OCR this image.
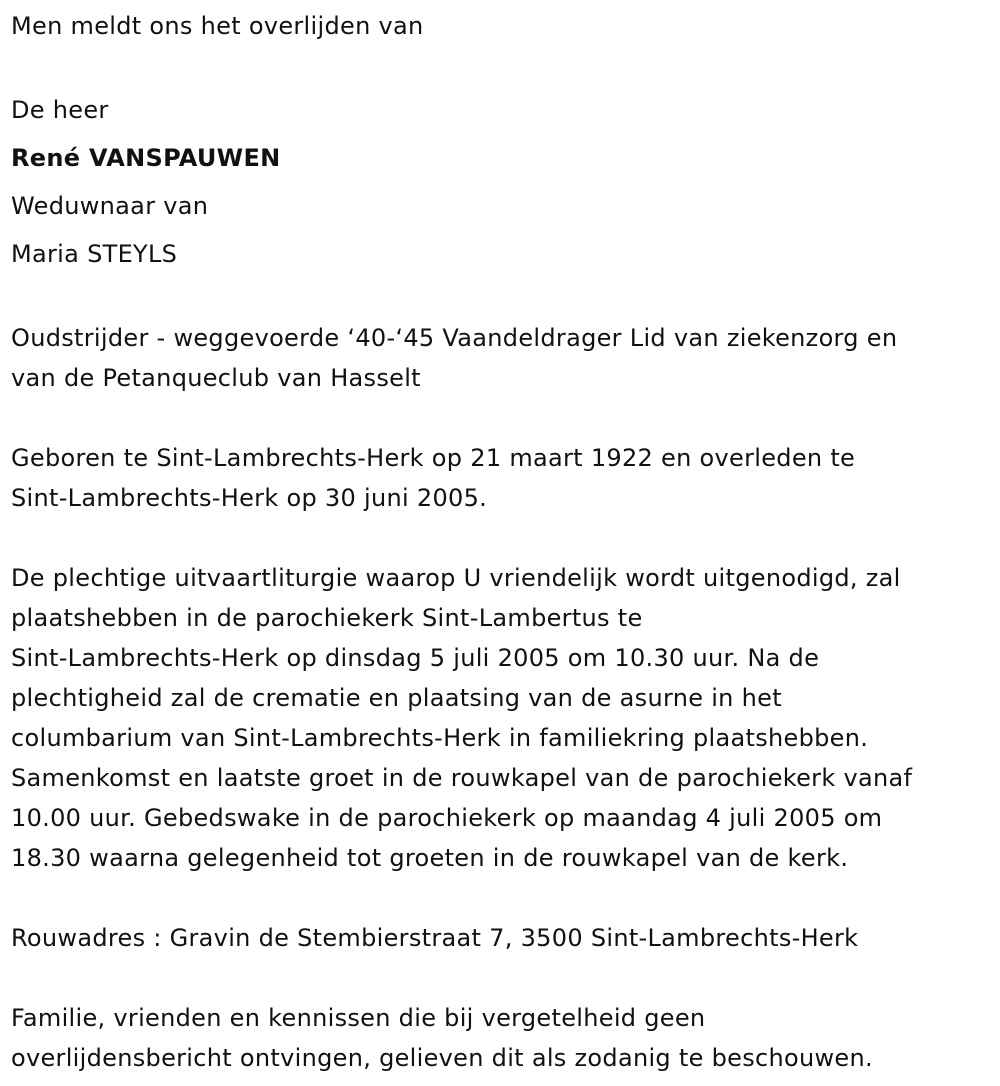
Men meldt ons het overlijden van

De heer

René VANSPAUWEN

Weduwnaar van

Maria STEYLS

Oudstrijder - weggevoerde ‘40-‘45 Vaandeldrager Lid van ziekenzorg en

van de Petanqueclub van Hasselt

Geboren te Sint-Lambrechts-Herk op 21 maart 1922 en overleden te

Sint-Lambrechts-Herk op 30 juni 2005.

De plechtige uitvaartliturgie waarop U vriendelijk wordt uitgenodigd, zal

plaatshebben in de parochiekerk Sint-Lambertus te

Sint-Lambrechts-Herk op dinsdag 5 juli 2005 om 10.30 uur. Na de

plechtigheid zal de crematie en plaatsing van de asurne in het

columbarium van Sint-Lambrechts-Herk in familiekring plaatshebben.

Samenkomst en laatste groet in de rouwkapel van de parochiekerk vanaf

10.00 uur. Gebedswake in de parochiekerk op maandag 4 juli 2005 om

18.30 waarna gelegenheid tot groeten in de rouwkapel van de kerk.

Rouwadres : Gravin de Stembierstraat 7, 3500 Sint-Lambrechts-Herk

Familie, vrienden en kennissen die bij vergetelheid geen

overlijdensbericht ontvingen, gelieven dit als zodanig te beschouwen.
